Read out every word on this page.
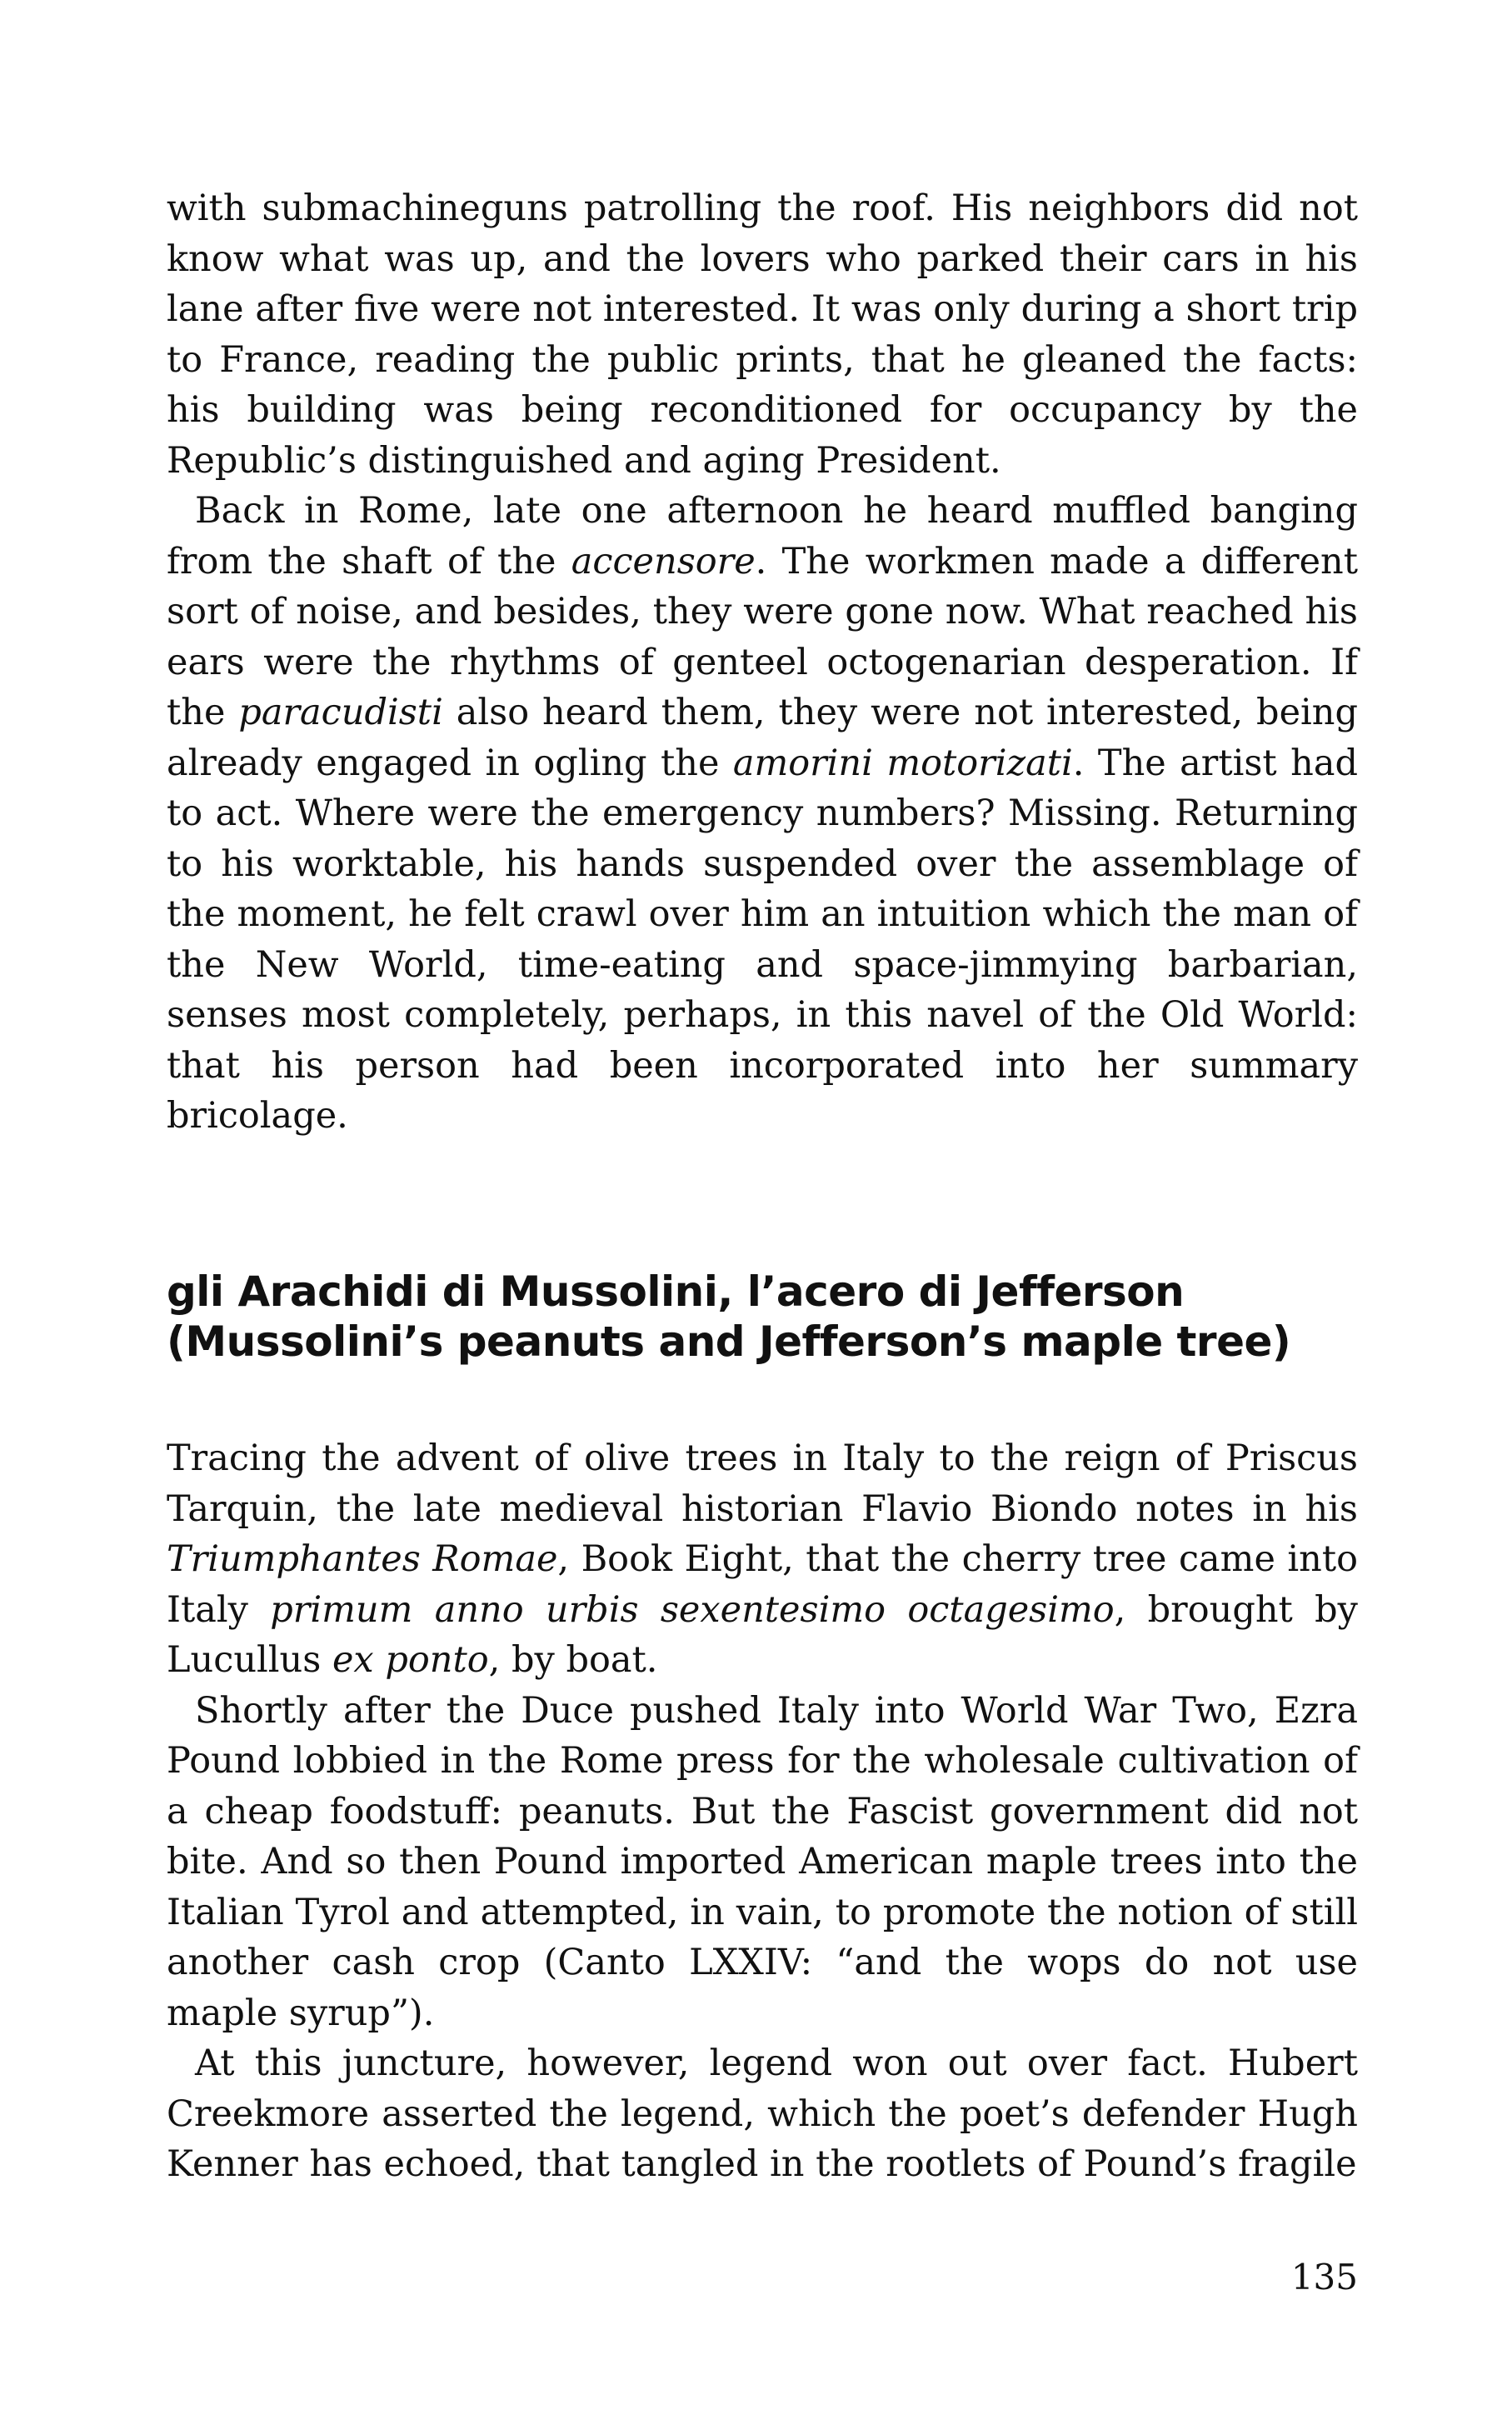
with submachineguns patrolling the roof. His neighbors did not know what was up, and the lovers who parked their cars in his lane after five were not interested. It was only during a short trip to France, reading the public prints, that he gleaned the facts: his building was being reconditioned for occupancy by the Republic’s distinguished and aging President.

Back in Rome, late one afternoon he heard muffled banging from the shaft of the accensore. The workmen made a different sort of noise, and besides, they were gone now. What reached his ears were the rhythms of genteel octogenarian desperation. If the paracudisti also heard them, they were not interested, being already engaged in ogling the amorini motorizati. The artist had to act. Where were the emergency numbers? Missing. Returning to his worktable, his hands suspended over the assemblage of the moment, he felt crawl over him an intuition which the man of the New World, time-eating and space-jimmying barbarian, senses most completely, perhaps, in this navel of the Old World: that his person had been incorporated into her summary bricolage.

gli Arachidi di Mussolini, l’acero di Jefferson
(Mussolini’s peanuts and Jefferson’s maple tree)

Tracing the advent of olive trees in Italy to the reign of Priscus Tarquin, the late medieval historian Flavio Biondo notes in his Triumphantes Romae, Book Eight, that the cherry tree came into Italy primum anno urbis sexentesimo octagesimo, brought by Lucullus ex ponto, by boat.

Shortly after the Duce pushed Italy into World War Two, Ezra Pound lobbied in the Rome press for the wholesale cultivation of a cheap foodstuff: peanuts. But the Fascist government did not bite. And so then Pound imported American maple trees into the Italian Tyrol and attempted, in vain, to promote the notion of still another cash crop (Canto LXXIV: “and the wops do not use maple syrup”).

At this juncture, however, legend won out over fact. Hubert Creekmore asserted the legend, which the poet’s defender Hugh Kenner has echoed, that tangled in the rootlets of Pound’s fragile

135
